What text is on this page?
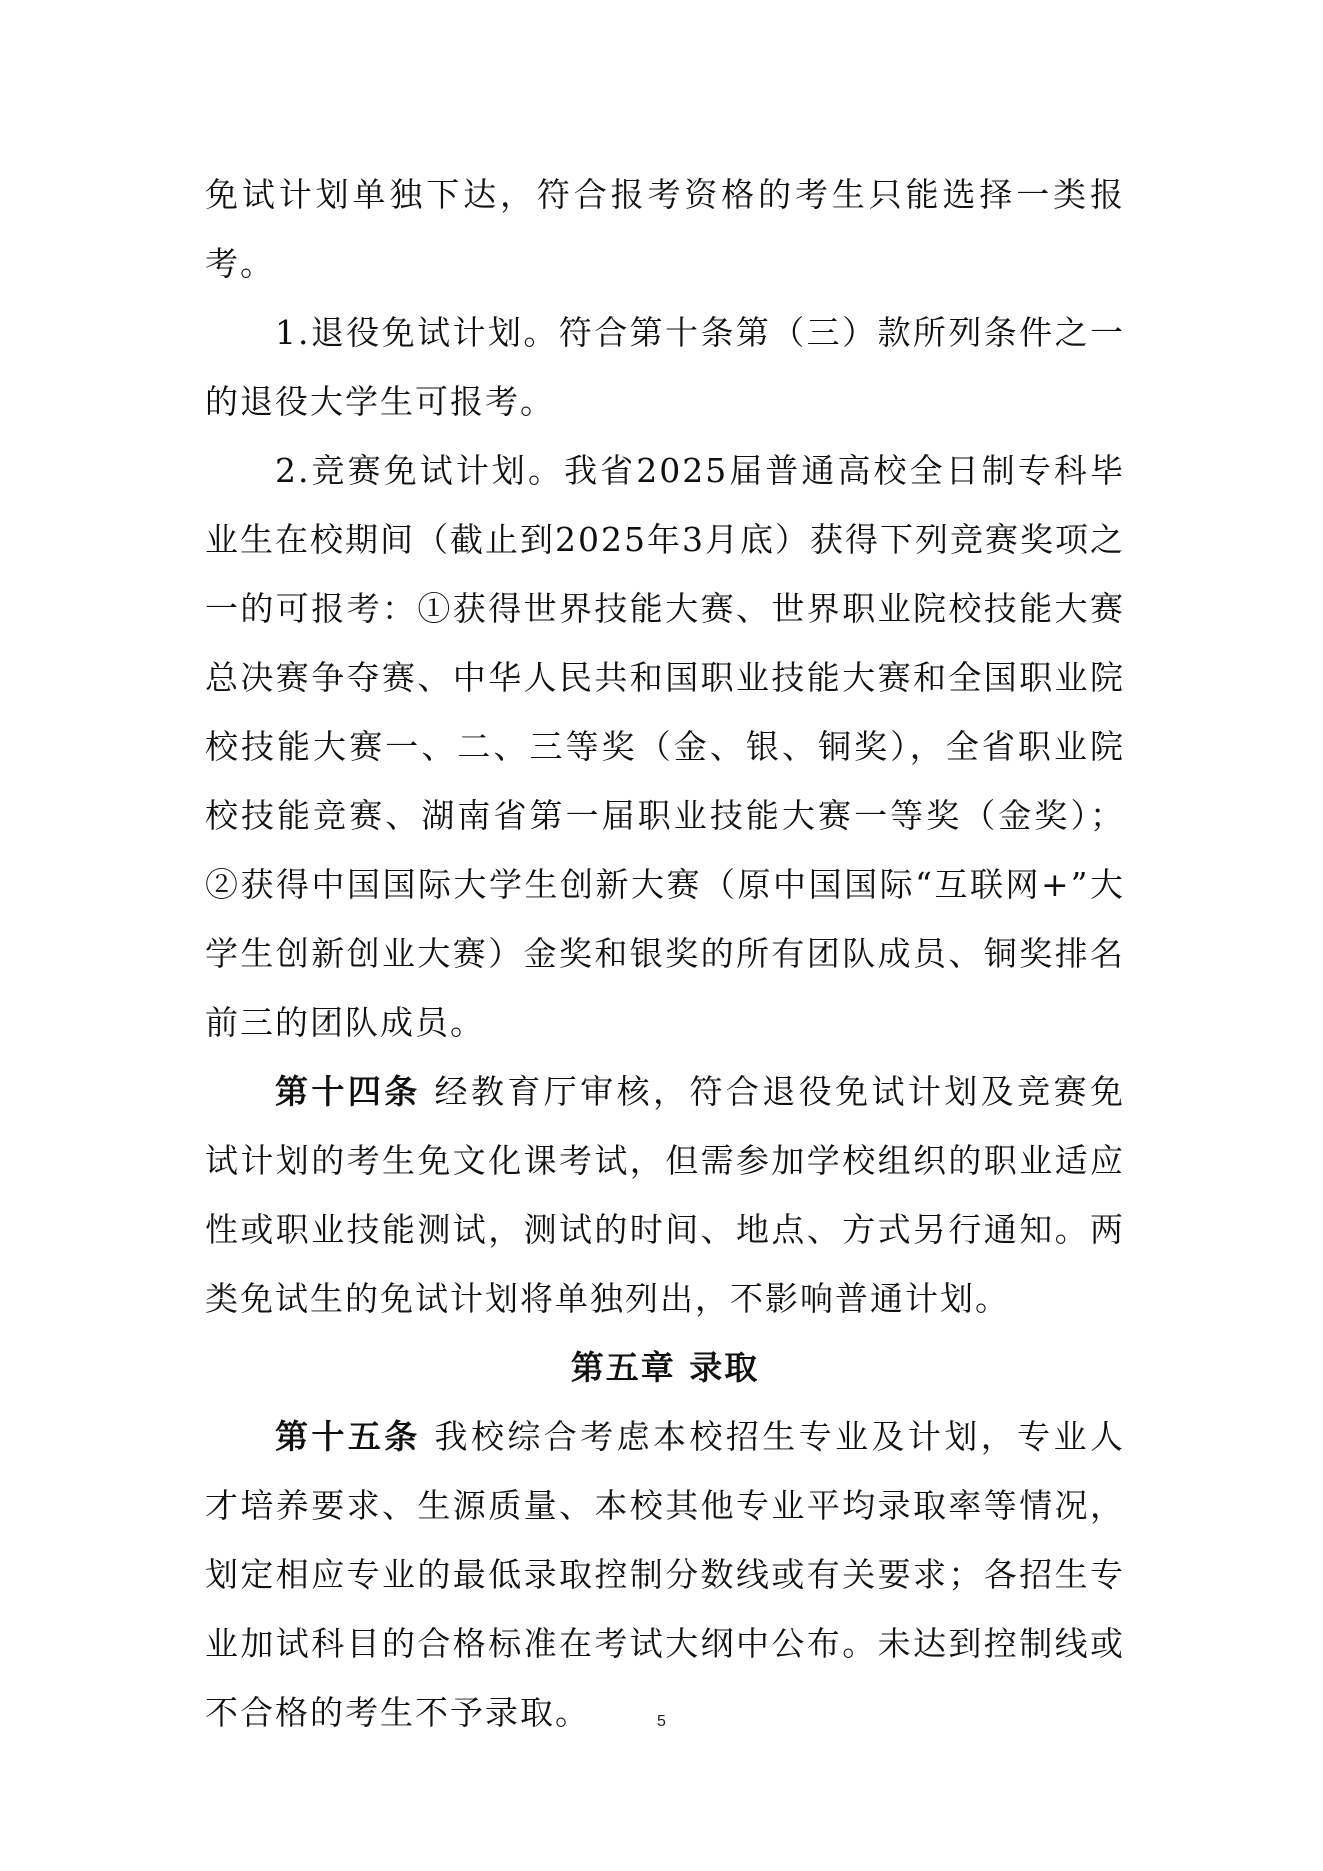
免试计划单独下达，符合报考资格的考生只能选择一类报考。

1.退役免试计划。符合第十条第（三）款所列条件之一的退役大学生可报考。

2.竞赛免试计划。我省2025届普通高校全日制专科毕业生在校期间（截止到2025年3月底）获得下列竞赛奖项之一的可报考：①获得世界技能大赛、世界职业院校技能大赛总决赛争夺赛、中华人民共和国职业技能大赛和全国职业院校技能大赛一、二、三等奖（金、银、铜奖），全省职业院校技能竞赛、湖南省第一届职业技能大赛一等奖（金奖）；②获得中国国际大学生创新大赛（原中国国际“互联网+”大学生创新创业大赛）金奖和银奖的所有团队成员、铜奖排名前三的团队成员。

第十四条 经教育厅审核，符合退役免试计划及竞赛免试计划的考生免文化课考试，但需参加学校组织的职业适应性或职业技能测试，测试的时间、地点、方式另行通知。两类免试生的免试计划将单独列出，不影响普通计划。

第五章 录取

第十五条 我校综合考虑本校招生专业及计划，专业人才培养要求、生源质量、本校其他专业平均录取率等情况，划定相应专业的最低录取控制分数线或有关要求；各招生专业加试科目的合格标准在考试大纲中公布。未达到控制线或不合格的考生不予录取。	5
